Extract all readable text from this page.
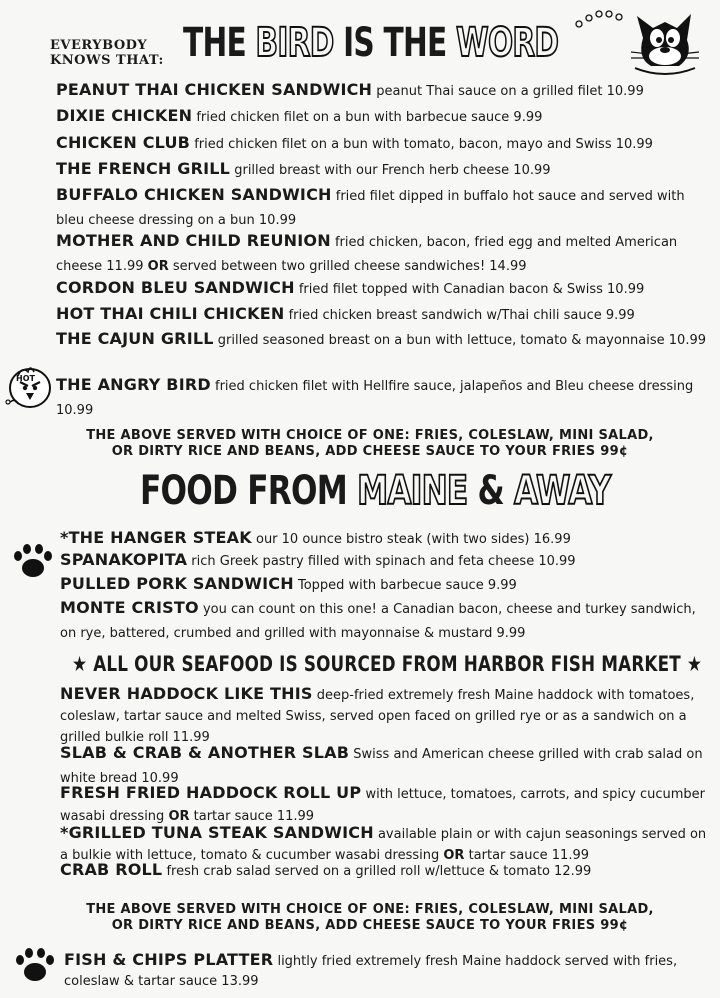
EVERYBODY
KNOWS THAT: THE BIRD IS THE WORD
PEANUT THAI CHICKEN SANDWICH peanut Thai sauce on a grilled filet 10.99
DIXIE CHICKEN fried chicken filet on a bun with barbecue sauce 9.99
CHICKEN CLUB fried chicken filet on a bun with tomato, bacon, mayo and Swiss 10.99
THE FRENCH GRILL grilled breast with our French herb cheese 10.99
BUFFALO CHICKEN SANDWICH fried filet dipped in buffalo hot sauce and served with bleu cheese dressing on a bun 10.99
MOTHER AND CHILD REUNION fried chicken, bacon, fried egg and melted American cheese 11.99 OR served between two grilled cheese sandwiches! 14.99
CORDON BLEU SANDWICH fried filet topped with Canadian bacon & Swiss 10.99
HOT THAI CHILI CHICKEN fried chicken breast sandwich w/Thai chili sauce 9.99
THE CAJUN GRILL grilled seasoned breast on a bun with lettuce, tomato & mayonnaise 10.99
HOT THE ANGRY BIRD fried chicken filet with Hellfire sauce, jalapeños and Bleu cheese dressing 10.99
THE ABOVE SERVED WITH CHOICE OF ONE: FRIES, COLESLAW, MINI SALAD,
OR DIRTY RICE AND BEANS, ADD CHEESE SAUCE TO YOUR FRIES 99¢
FOOD FROM MAINE & AWAY
*THE HANGER STEAK our 10 ounce bistro steak (with two sides) 16.99
SPANAKOPITA rich Greek pastry filled with spinach and feta cheese 10.99
PULLED PORK SANDWICH Topped with barbecue sauce 9.99
MONTE CRISTO you can count on this one! a Canadian bacon, cheese and turkey sandwich, on rye, battered, crumbed and grilled with mayonnaise & mustard 9.99
★ ALL OUR SEAFOOD IS SOURCED FROM HARBOR FISH MARKET ★
NEVER HADDOCK LIKE THIS deep-fried extremely fresh Maine haddock with tomatoes, coleslaw, tartar sauce and melted Swiss, served open faced on grilled rye or as a sandwich on a grilled bulkie roll 11.99
SLAB & CRAB & ANOTHER SLAB Swiss and American cheese grilled with crab salad on white bread 10.99
FRESH FRIED HADDOCK ROLL UP with lettuce, tomatoes, carrots, and spicy cucumber wasabi dressing OR tartar sauce 11.99
*GRILLED TUNA STEAK SANDWICH available plain or with cajun seasonings served on a bulkie with lettuce, tomato & cucumber wasabi dressing OR tartar sauce 11.99
CRAB ROLL fresh crab salad served on a grilled roll w/lettuce & tomato 12.99
THE ABOVE SERVED WITH CHOICE OF ONE: FRIES, COLESLAW, MINI SALAD,
OR DIRTY RICE AND BEANS, ADD CHEESE SAUCE TO YOUR FRIES 99¢
FISH & CHIPS PLATTER lightly fried extremely fresh Maine haddock served with fries, coleslaw & tartar sauce 13.99
